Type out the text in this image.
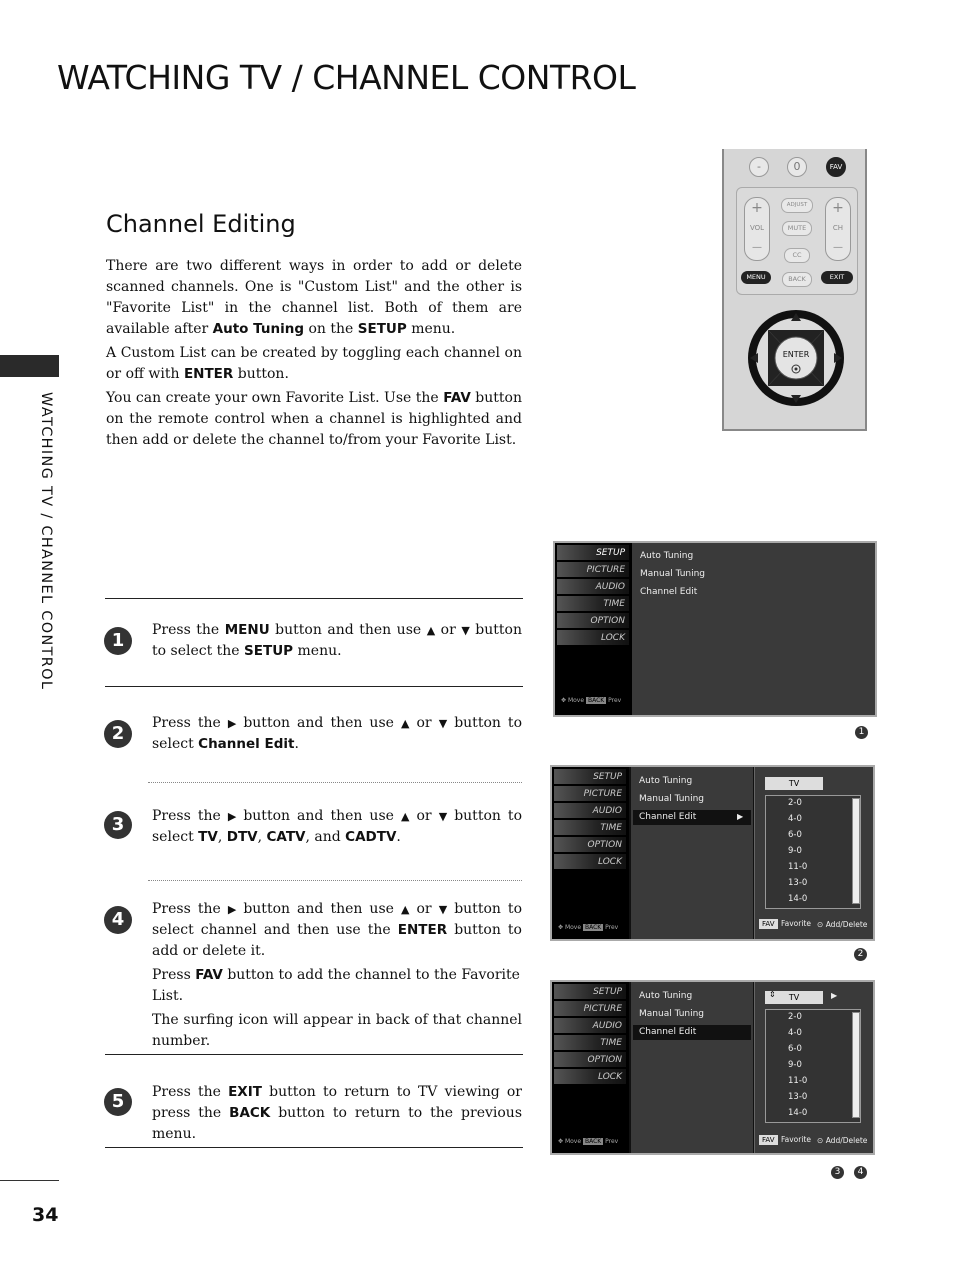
WATCHING TV / CHANNEL CONTROL
WATCHING TV / CHANNEL CONTROL
34
Channel Editing

There are two different ways in order to add or delete scanned channels. One is "Custom List" and the other is "Favorite List" in the channel list. Both of them are available after Auto Tuning on the SETUP menu.

A Custom List can be created by toggling each channel on or off with ENTER button.

You can create your own Favorite List. Use the FAV button on the remote control when a channel is highlighted and then add or delete the channel to/from your Favorite List.

-	0	FAV
+
VOL
—
+
CH
—
ADJUST
MUTE
CC
MENU	BACK	EXIT
ENTER
1	Press the MENU button and then use ▲ or ▼ button to select the SETUP menu.

2	Press the ▶ button and then use ▲ or ▼ button to select Channel Edit.

3	Press the ▶ button and then use ▲ or ▼ button to select TV, DTV, CATV, and CADTV.

4	Press the ▶ button and then use ▲ or ▼ button to select channel and then use the ENTER button to add or delete it.

Press FAV button to add the channel to the Favorite List.

The surfing icon will appear in back of that channel number.

5	Press the EXIT button to return to TV viewing or press the BACK button to return to the previous menu.

SETUP
PICTURE
AUDIO
TIME
OPTION
LOCK
✥ Move BACK Prev
Auto Tuning
Manual Tuning
Channel Edit
1
SETUP
PICTURE
AUDIO
TIME
OPTION
LOCK
✥ Move BACK Prev
Auto Tuning
Manual Tuning
Channel Edit	▶
TV
2-0
4-0
6-0
9-0
11-0
13-0
14-0
FAV Favorite ⊙ Add/Delete
2
SETUP
PICTURE
AUDIO
TIME
OPTION
LOCK
✥ Move BACK Prev
Auto Tuning
Manual Tuning
Channel Edit
TV
⇕	▶
2-0
4-0
6-0
9-0
11-0
13-0
14-0
FAV Favorite ⊙ Add/Delete
3	4
